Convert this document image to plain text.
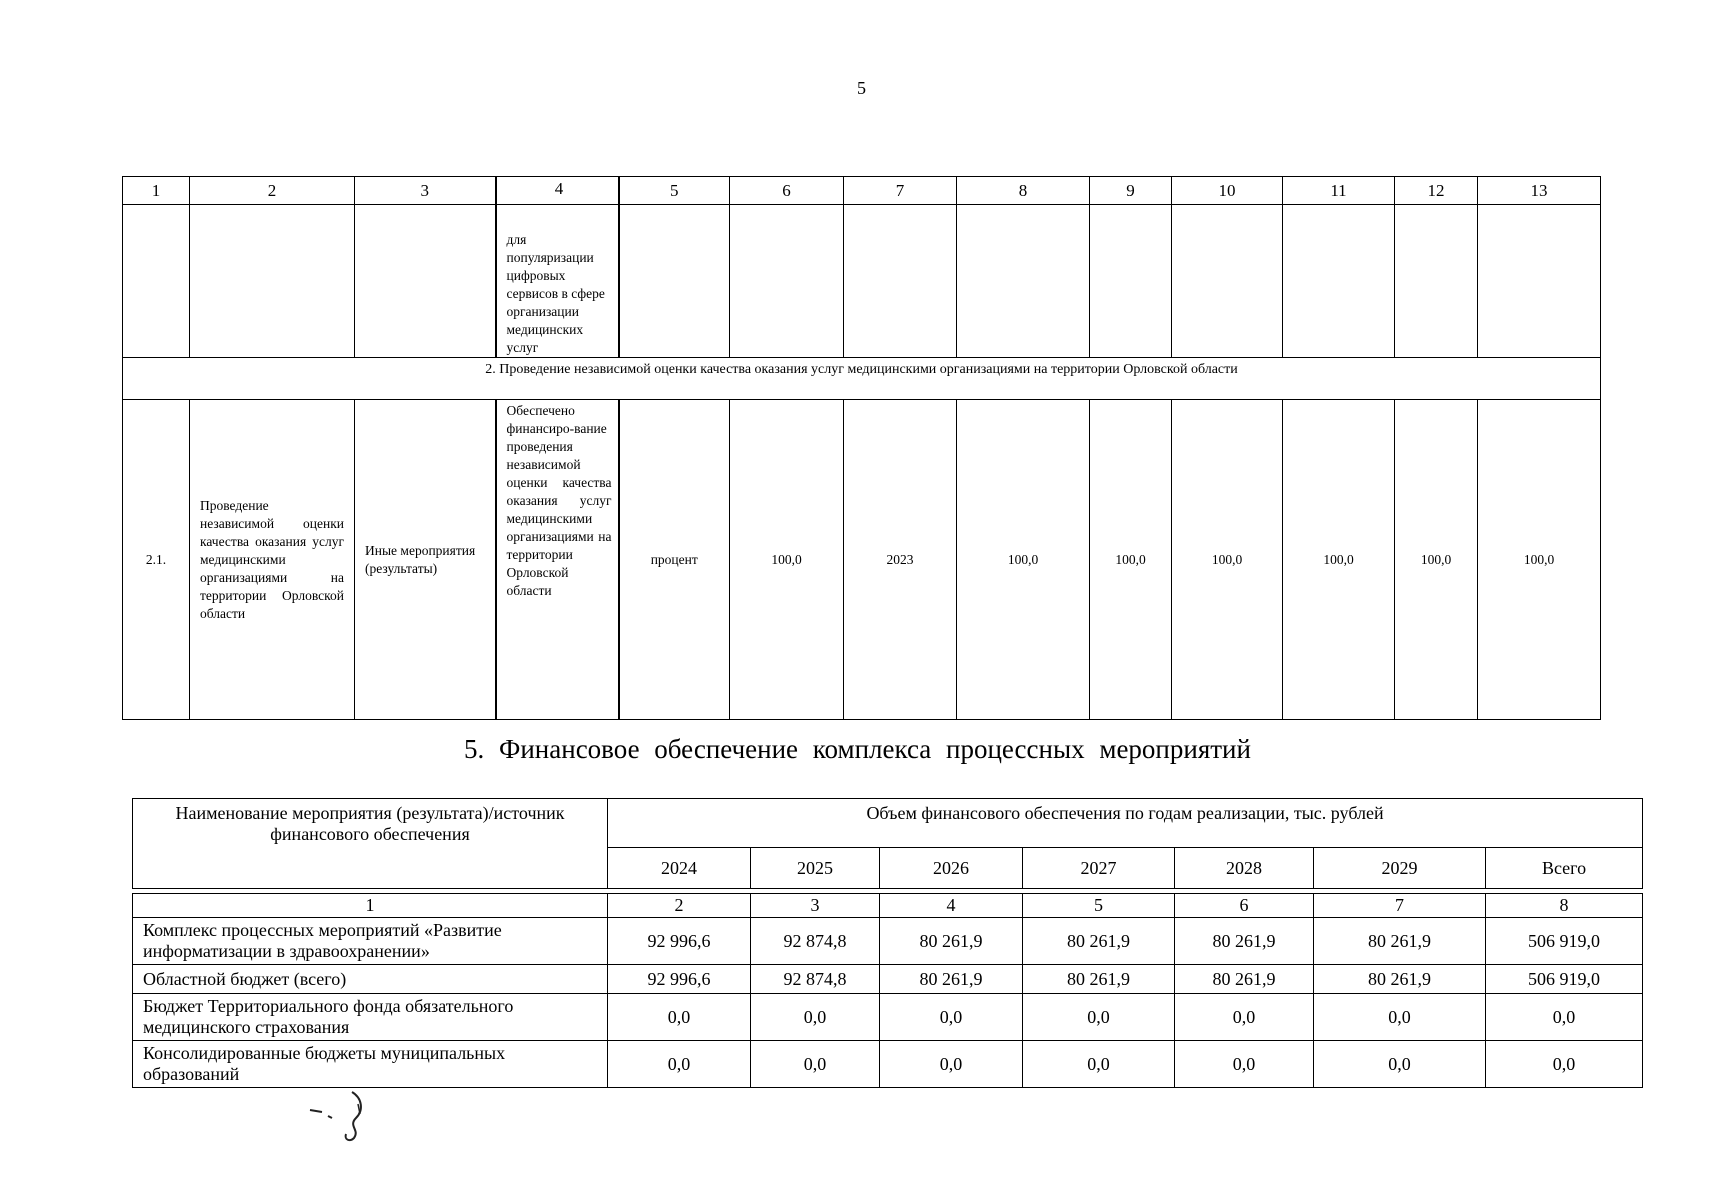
5
1	2	3	4	5	6	7	8	9	10	11	12	13
			для популяризации цифровых сервисов в сфере организации медицинских услуг									
2. Проведение независимой оценки качества оказания услуг медицинскими организациями на территории Орловской области												
2.1.	Проведение независимой оценки качества оказания услуг медицинскими организациями на территории Орловской области	Иные мероприятия (результаты)	Обеспечено финансиро-вание проведения независимой оценки качества оказания услуг медицинскими организациями на территории Орловской области	процент	100,0	2023	100,0	100,0	100,0	100,0	100,0	100,0
5. Финансовое обеспечение комплекса процессных мероприятий
Наименование мероприятия (результата)/источник финансового обеспечения	Объем финансового обеспечения по годам реализации, тыс. рублей						
	2024	2025	2026	2027	2028	2029	Всего

1	2	3	4	5	6	7	8
Комплекс процессных мероприятий «Развитие информатизации в здравоохранении»	92 996,6	92 874,8	80 261,9	80 261,9	80 261,9	80 261,9	506 919,0
Областной бюджет (всего)	92 996,6	92 874,8	80 261,9	80 261,9	80 261,9	80 261,9	506 919,0
Бюджет Территориального фонда обязательного медицинского страхования	0,0	0,0	0,0	0,0	0,0	0,0	0,0
Консолидированные бюджеты муниципальных образований	0,0	0,0	0,0	0,0	0,0	0,0	0,0
